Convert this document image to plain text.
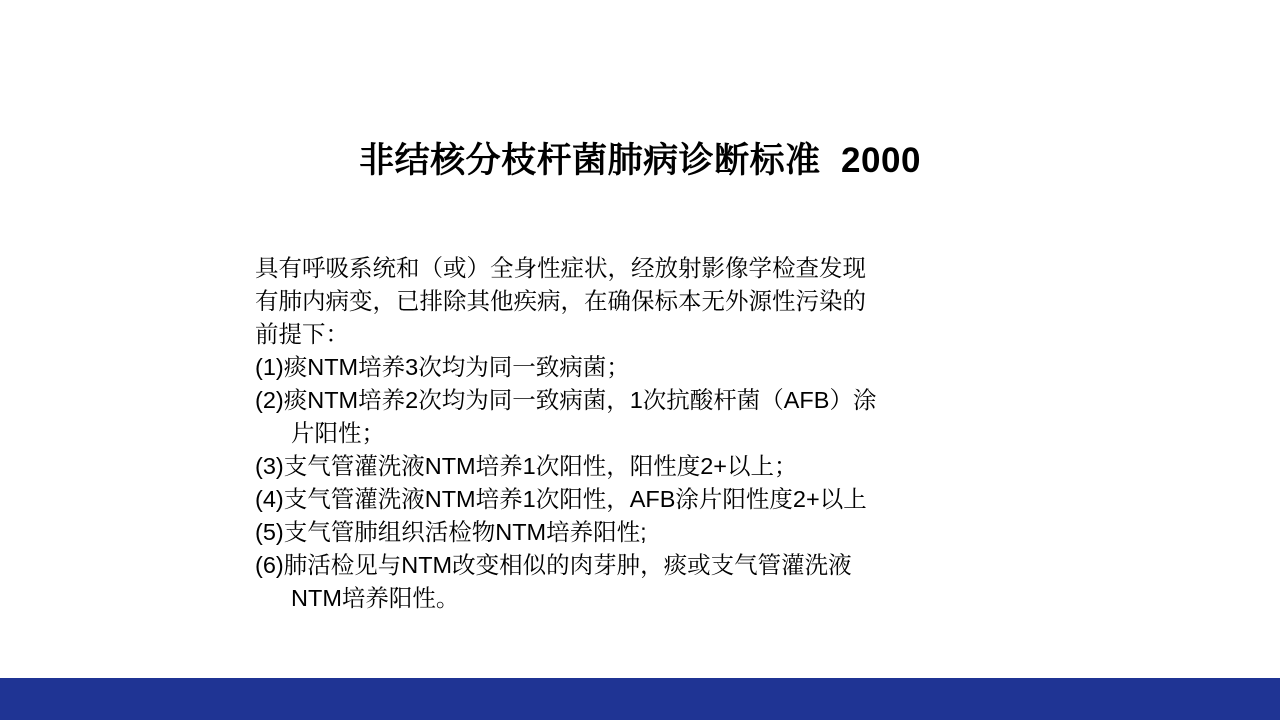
非结核分枝杆菌肺病诊断标准  2000
具有呼吸系统和（或）全身性症状，经放射影像学检查发现
有肺内病变，已排除其他疾病，在确保标本无外源性污染的
前提下：
(1)痰NTM培养3次均为同一致病菌；
(2)痰NTM培养2次均为同一致病菌，1次抗酸杆菌（AFB）涂
片阳性；
(3)支气管灌洗液NTM培养1次阳性，阳性度2+以上；
(4)支气管灌洗液NTM培养1次阳性，AFB涂片阳性度2+以上
(5)支气管肺组织活检物NTM培养阳性;
(6)肺活检见与NTM改变相似的肉芽肿，痰或支气管灌洗液
NTM培养阳性。
